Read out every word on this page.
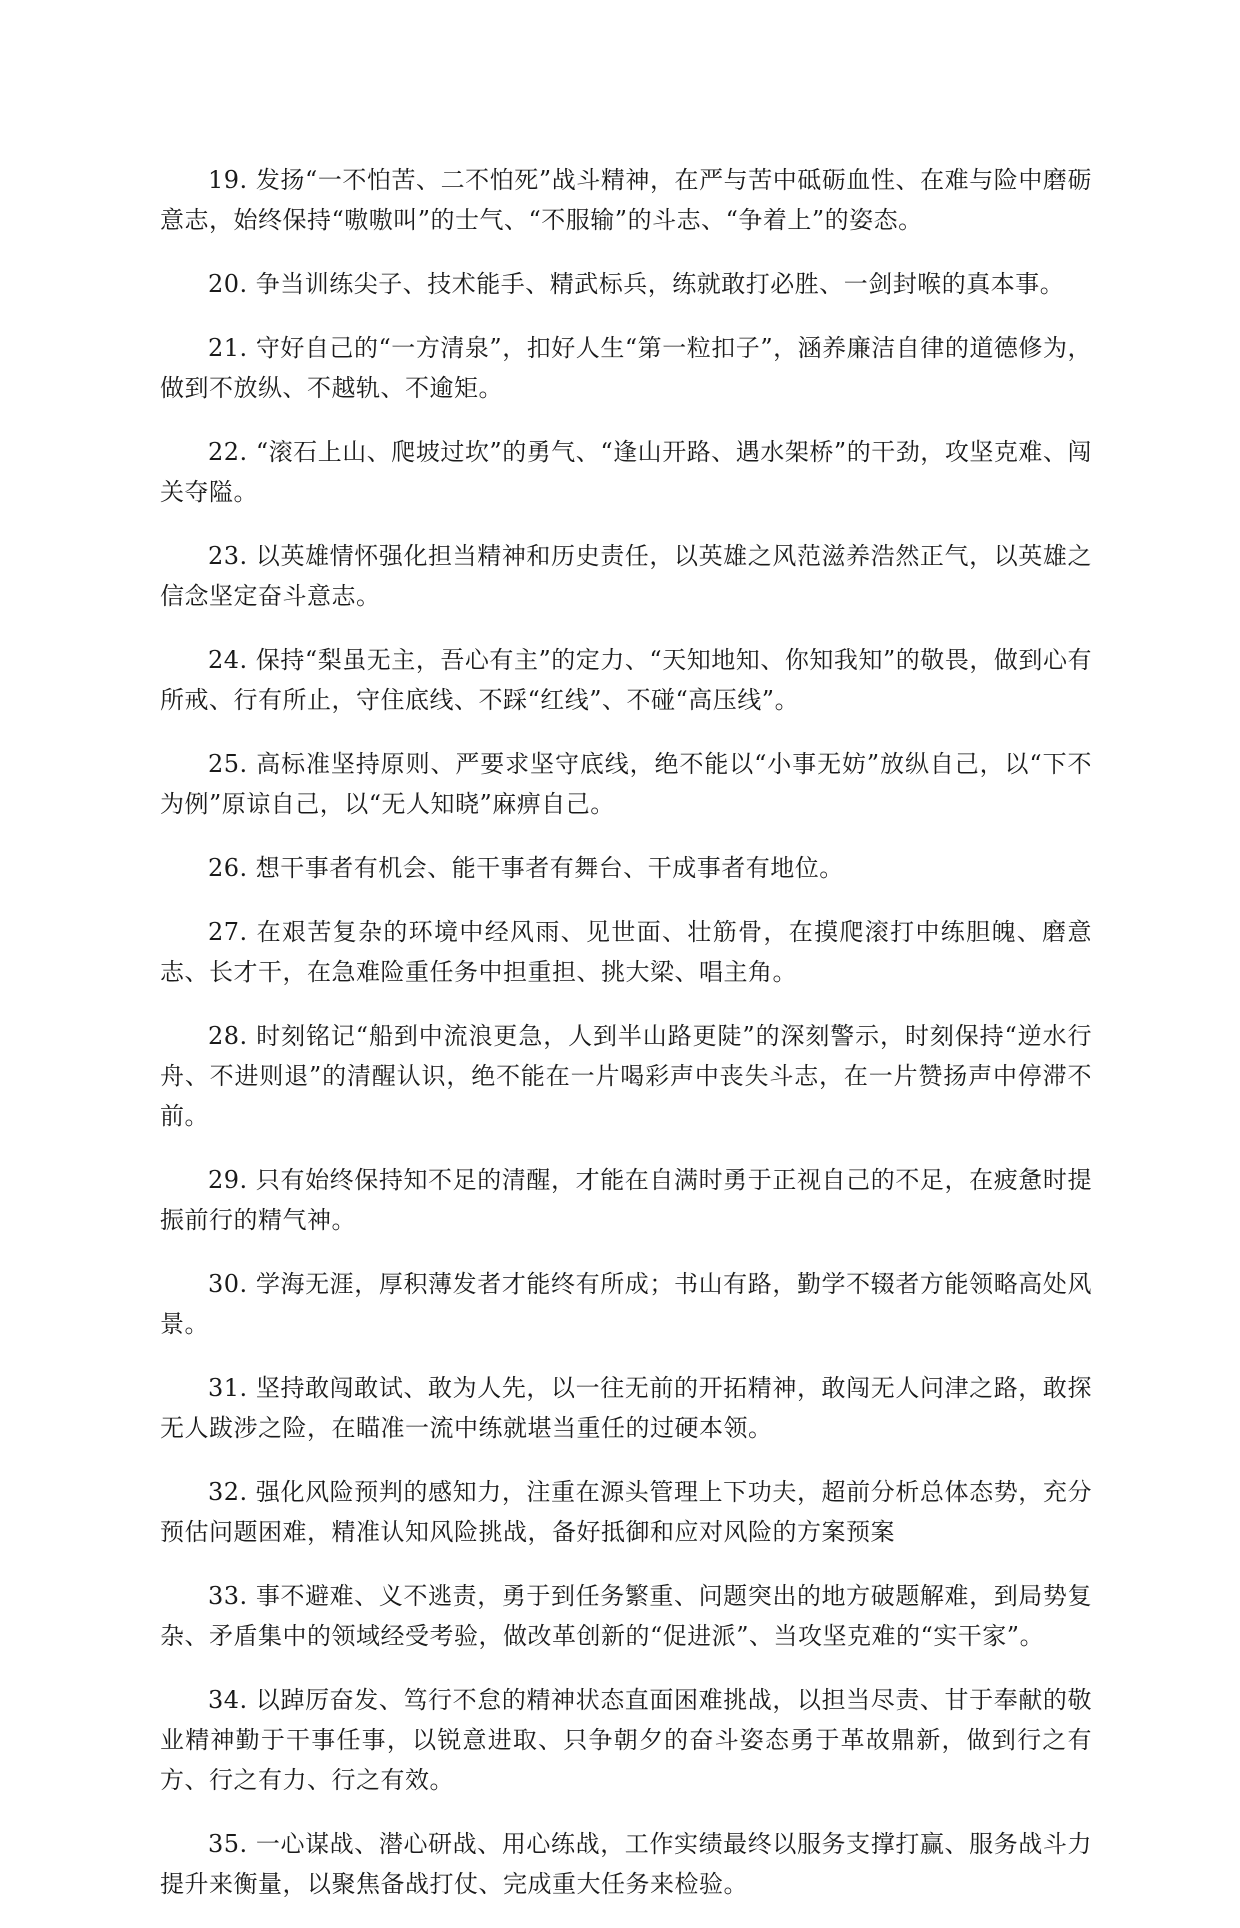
19. 发扬“一不怕苦、二不怕死”战斗精神，在严与苦中砥砺血性、在难与险中磨砺意志，始终保持“嗷嗷叫”的士气、“不服输”的斗志、“争着上”的姿态。

20. 争当训练尖子、技术能手、精武标兵，练就敢打必胜、一剑封喉的真本事。

21. 守好自己的“一方清泉”，扣好人生“第一粒扣子”，涵养廉洁自律的道德修为，做到不放纵、不越轨、不逾矩。

22. “滚石上山、爬坡过坎”的勇气、“逢山开路、遇水架桥”的干劲，攻坚克难、闯关夺隘。

23. 以英雄情怀强化担当精神和历史责任，以英雄之风范滋养浩然正气，以英雄之信念坚定奋斗意志。

24. 保持“梨虽无主，吾心有主”的定力、“天知地知、你知我知”的敬畏，做到心有所戒、行有所止，守住底线、不踩“红线”、不碰“高压线”。

25. 高标准坚持原则、严要求坚守底线，绝不能以“小事无妨”放纵自己，以“下不为例”原谅自己，以“无人知晓”麻痹自己。

26. 想干事者有机会、能干事者有舞台、干成事者有地位。

27. 在艰苦复杂的环境中经风雨、见世面、壮筋骨，在摸爬滚打中练胆魄、磨意志、长才干，在急难险重任务中担重担、挑大梁、唱主角。

28. 时刻铭记“船到中流浪更急，人到半山路更陡”的深刻警示，时刻保持“逆水行舟、不进则退”的清醒认识，绝不能在一片喝彩声中丧失斗志，在一片赞扬声中停滞不前。

29. 只有始终保持知不足的清醒，才能在自满时勇于正视自己的不足，在疲惫时提振前行的精气神。

30. 学海无涯，厚积薄发者才能终有所成；书山有路，勤学不辍者方能领略高处风景。

31. 坚持敢闯敢试、敢为人先，以一往无前的开拓精神，敢闯无人问津之路，敢探无人跋涉之险，在瞄准一流中练就堪当重任的过硬本领。

32. 强化风险预判的感知力，注重在源头管理上下功夫，超前分析总体态势，充分预估问题困难，精准认知风险挑战，备好抵御和应对风险的方案预案

33. 事不避难、义不逃责，勇于到任务繁重、问题突出的地方破题解难，到局势复杂、矛盾集中的领域经受考验，做改革创新的“促进派”、当攻坚克难的“实干家”。

34. 以踔厉奋发、笃行不怠的精神状态直面困难挑战，以担当尽责、甘于奉献的敬业精神勤于干事任事，以锐意进取、只争朝夕的奋斗姿态勇于革故鼎新，做到行之有方、行之有力、行之有效。

35. 一心谋战、潜心研战、用心练战，工作实绩最终以服务支撑打赢、服务战斗力提升来衡量，以聚焦备战打仗、完成重大任务来检验。
